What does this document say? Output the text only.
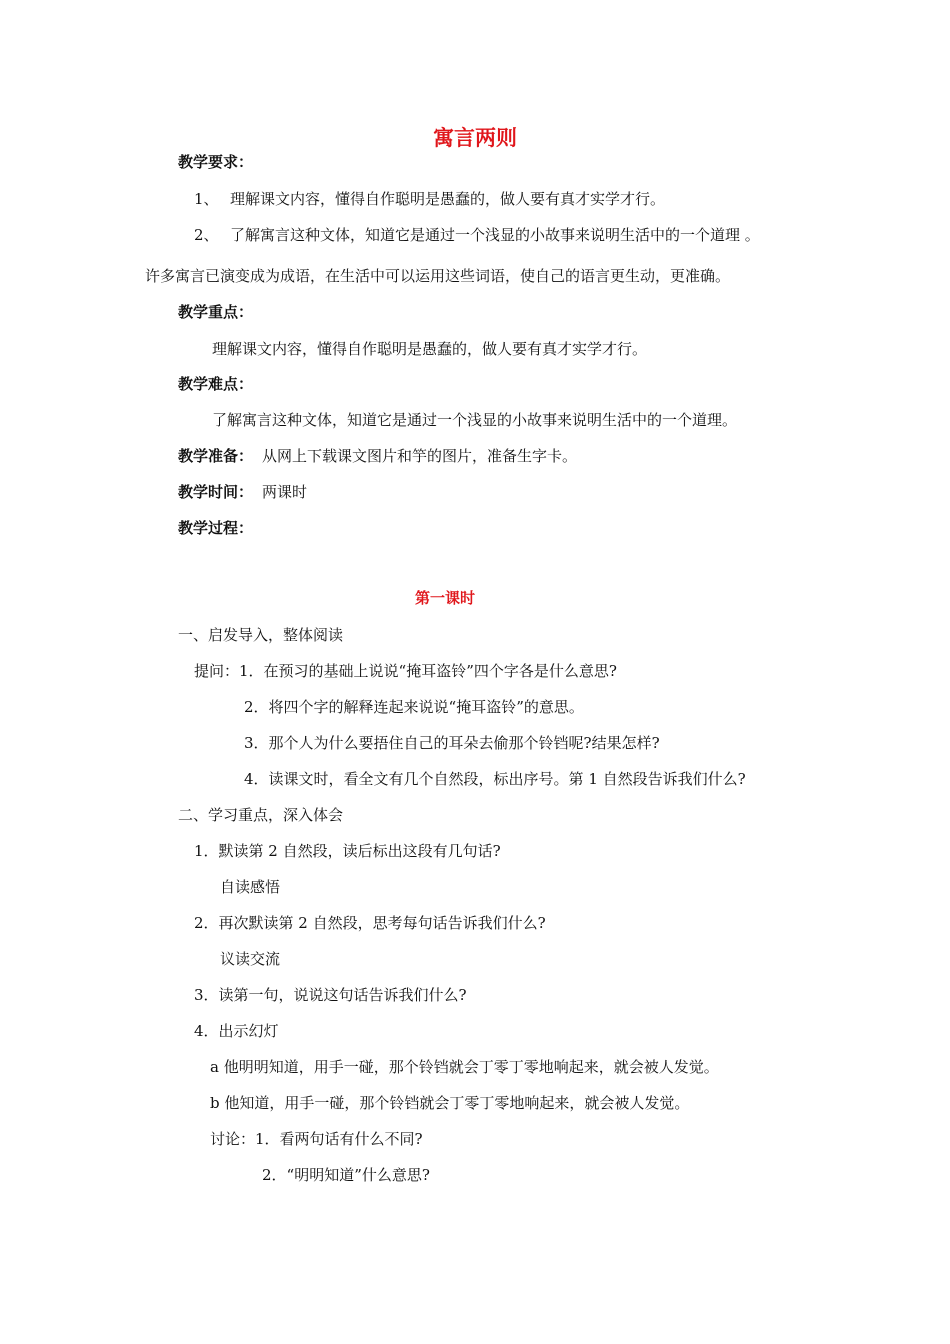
寓言两则
教学要求：
1、 理解课文内容，懂得自作聪明是愚蠢的，做人要有真才实学才行。
2、 了解寓言这种文体，知道它是通过一个浅显的小故事来说明生活中的一个道理 。
许多寓言已演变成为成语，在生活中可以运用这些词语，使自己的语言更生动，更准确。
教学重点：
理解课文内容，懂得自作聪明是愚蠢的，做人要有真才实学才行。
教学难点：
了解寓言这种文体，知道它是通过一个浅显的小故事来说明生活中的一个道理。
教学准备： 从网上下载课文图片和竽的图片，准备生字卡。
教学时间： 两课时
教学过程：
第一课时
一、启发导入，整体阅读
提问：1．在预习的基础上说说“掩耳盗铃”四个字各是什么意思?
2．将四个字的解释连起来说说“掩耳盗铃”的意思。
3．那个人为什么要捂住自己的耳朵去偷那个铃铛呢?结果怎样?
4．读课文时，看全文有几个自然段，标出序号。第 1 自然段告诉我们什么?
二、学习重点，深入体会
1．默读第 2 自然段，读后标出这段有几句话?
自读感悟
2．再次默读第 2 自然段，思考每句话告诉我们什么?
议读交流
3．读第一句，说说这句话告诉我们什么?
4．出示幻灯
a 他明明知道，用手一碰，那个铃铛就会丁零丁零地响起来，就会被人发觉。
b 他知道，用手一碰，那个铃铛就会丁零丁零地响起来，就会被人发觉。
讨论：1．看两句话有什么不同?
2．“明明知道”什么意思?
